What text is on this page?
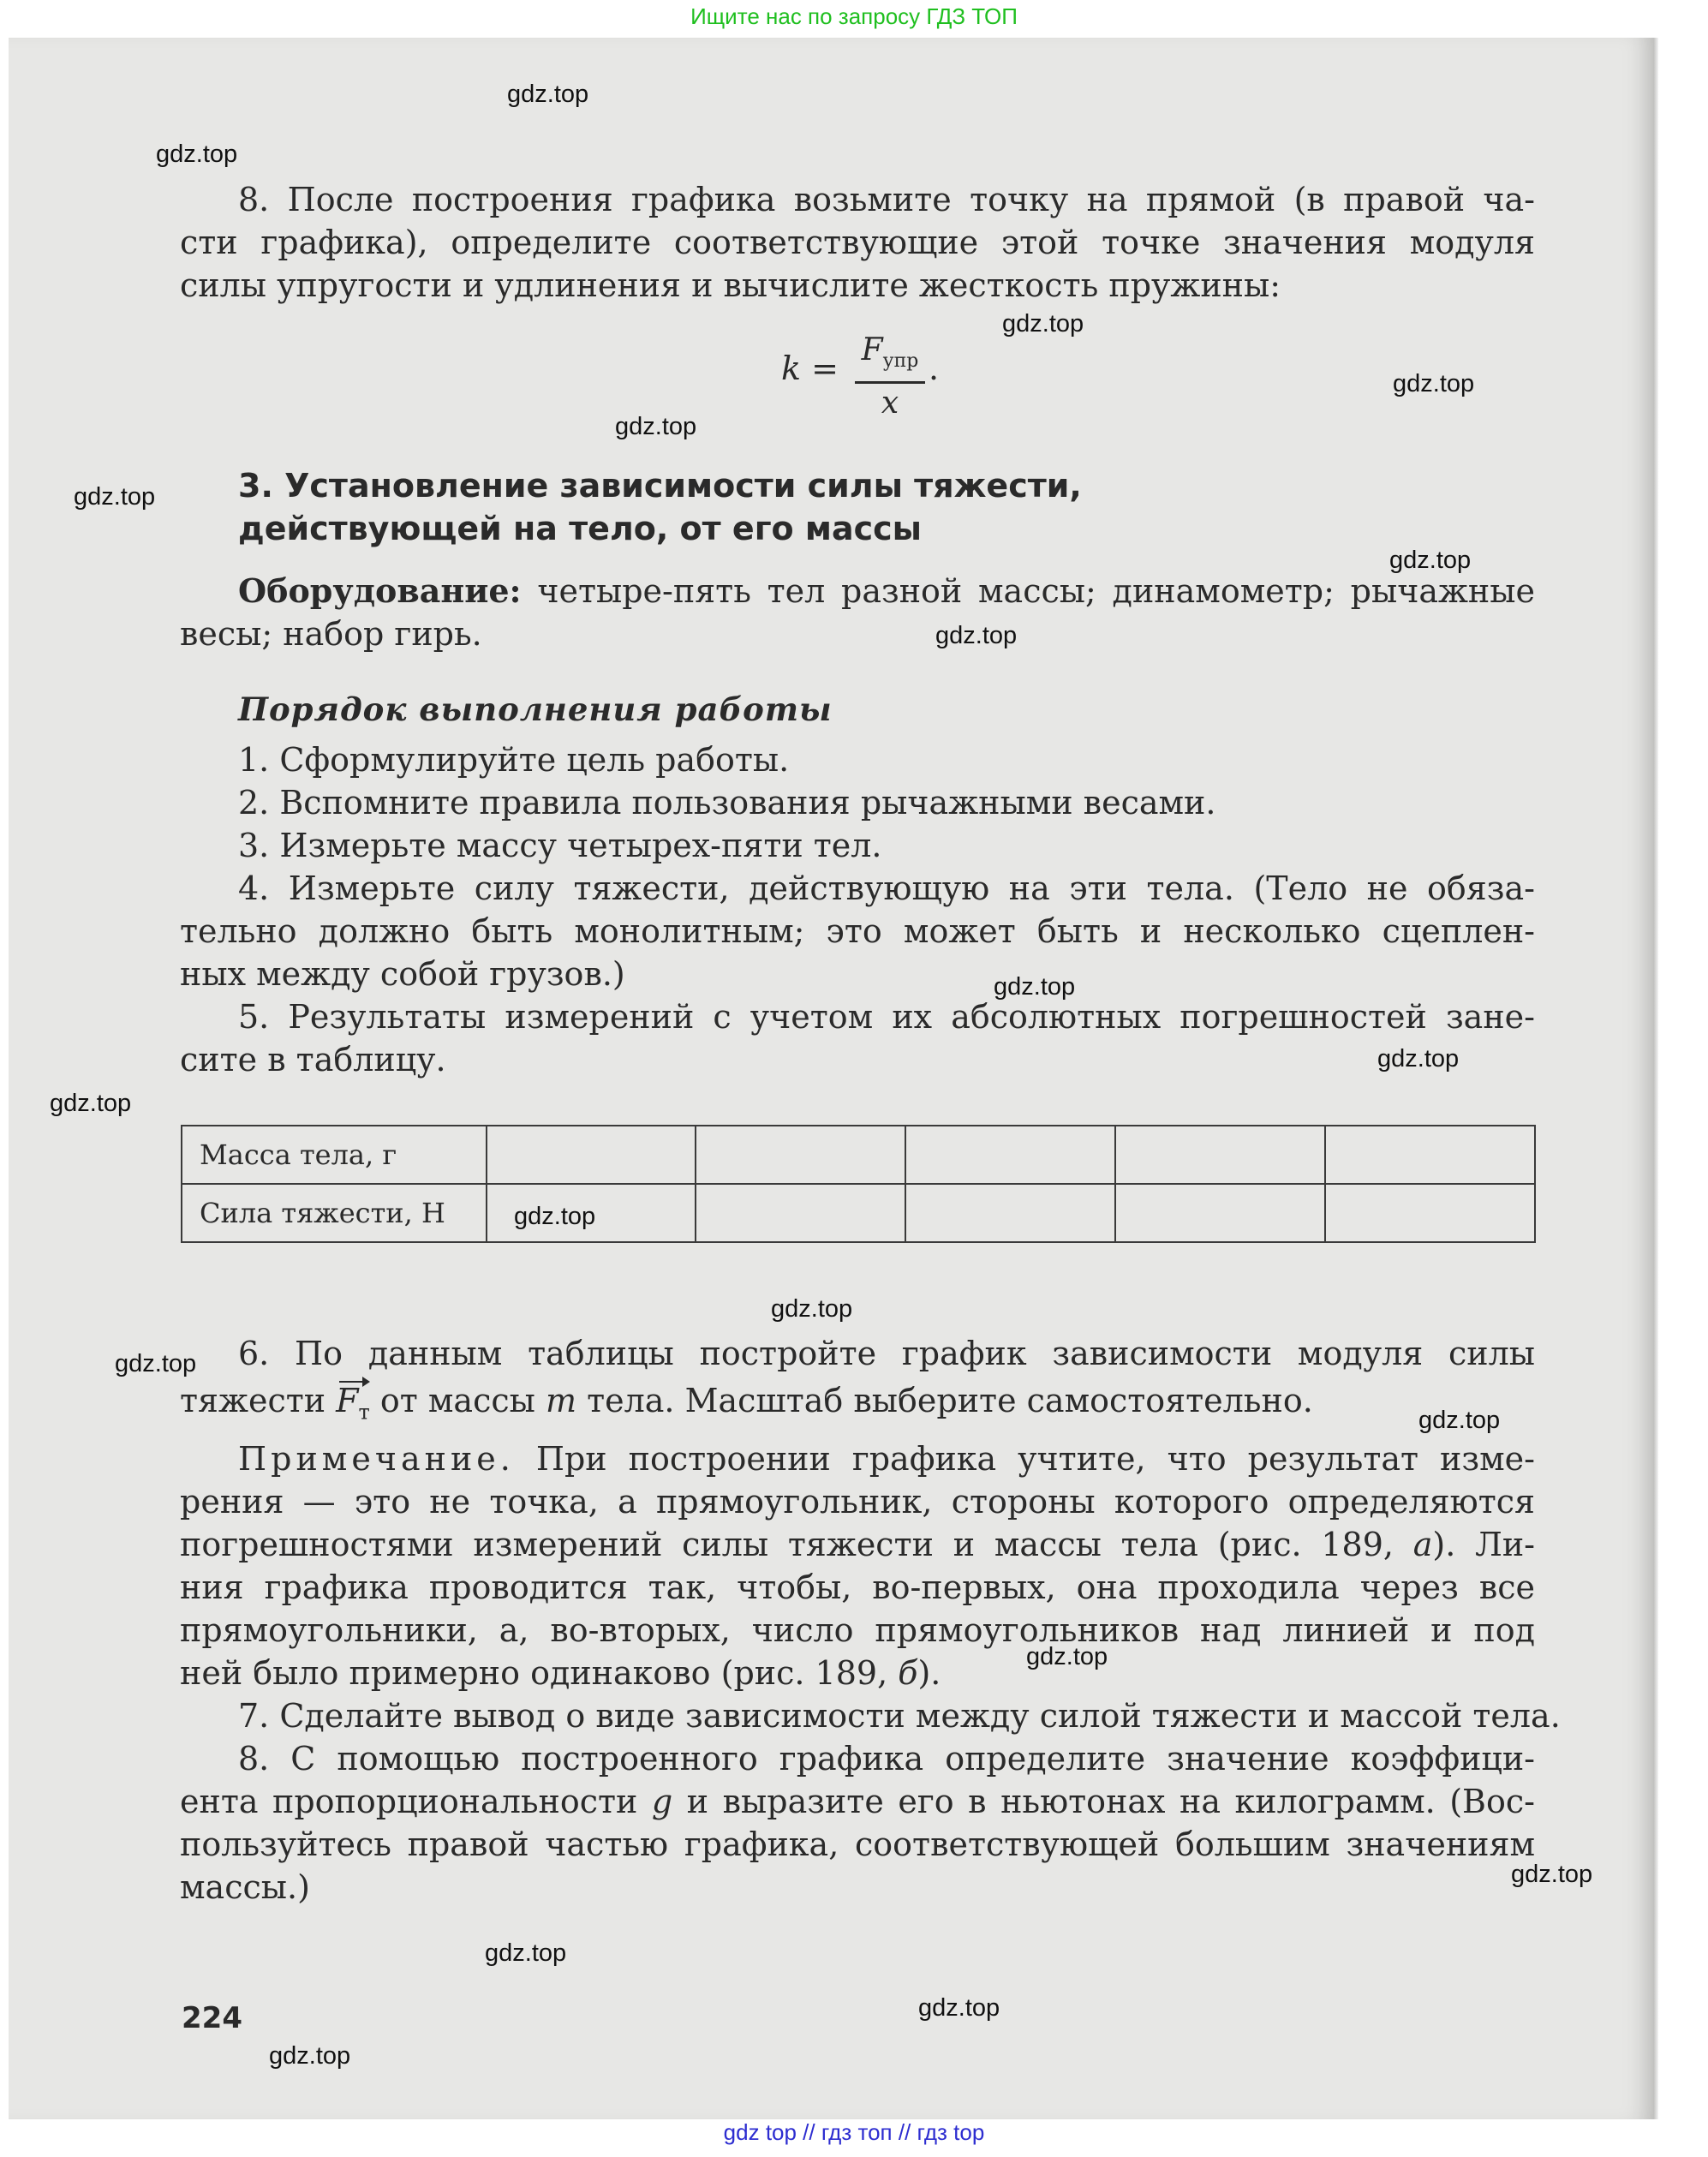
Ищите нас по запросу ГДЗ ТОП
8. После построения графика возьмите точку на прямой (в правой ча-
сти графика), определите соответствующие этой точке значения модуля
силы упругости и удлинения и вычислите жесткость пружины:
$k = F_{упр}$
x
.
3. Установление зависимости силы тяжести,
действующей на тело, от его массы
Оборудование: четыре-пять тел разной массы; динамометр; рычажные
весы; набор гирь.
Порядок выполнения работы
1. Сформулируйте цель работы.
2. Вспомните правила пользования рычажными весами.
3. Измерьте массу четырех-пяти тел.
4. Измерьте силу тяжести, действующую на эти тела. (Тело не обяза-
тельно должно быть монолитным; это может быть и несколько сцеплен-
ных между собой грузов.)
5. Результаты измерений с учетом их абсолютных погрешностей зане-
сите в таблицу.
Масса тела, г					
Сила тяжести, Н					
6. По данным таблицы постройте график зависимости модуля силы
тяжести $F_т$ от массы m тела. Масштаб выберите самостоятельно.
Примечание. При построении графика учтите, что результат изме-
рения — это не точка, а прямоугольник, стороны которого определяются
погрешностями измерений силы тяжести и массы тела (рис. 189, а). Ли-
ния графика проводится так, чтобы, во-первых, она проходила через все
прямоугольники, а, во-вторых, число прямоугольников над линией и под
ней было примерно одинаково (рис. 189, б).
7. Сделайте вывод о виде зависимости между силой тяжести и массой тела.
8. С помощью построенного графика определите значение коэффици-
ента пропорциональности g и выразите его в ньютонах на килограмм. (Вос-
пользуйтесь правой частью графика, соответствующей большим значениям
массы.)
224
gdz.top
gdz.top
gdz.top
gdz.top
gdz.top
gdz.top
gdz.top
gdz.top
gdz.top
gdz.top
gdz.top
gdz.top
gdz.top
gdz.top
gdz.top
gdz.top
gdz.top
gdz.top
gdz.top
gdz.top
gdz top // гдз топ // гдз top
